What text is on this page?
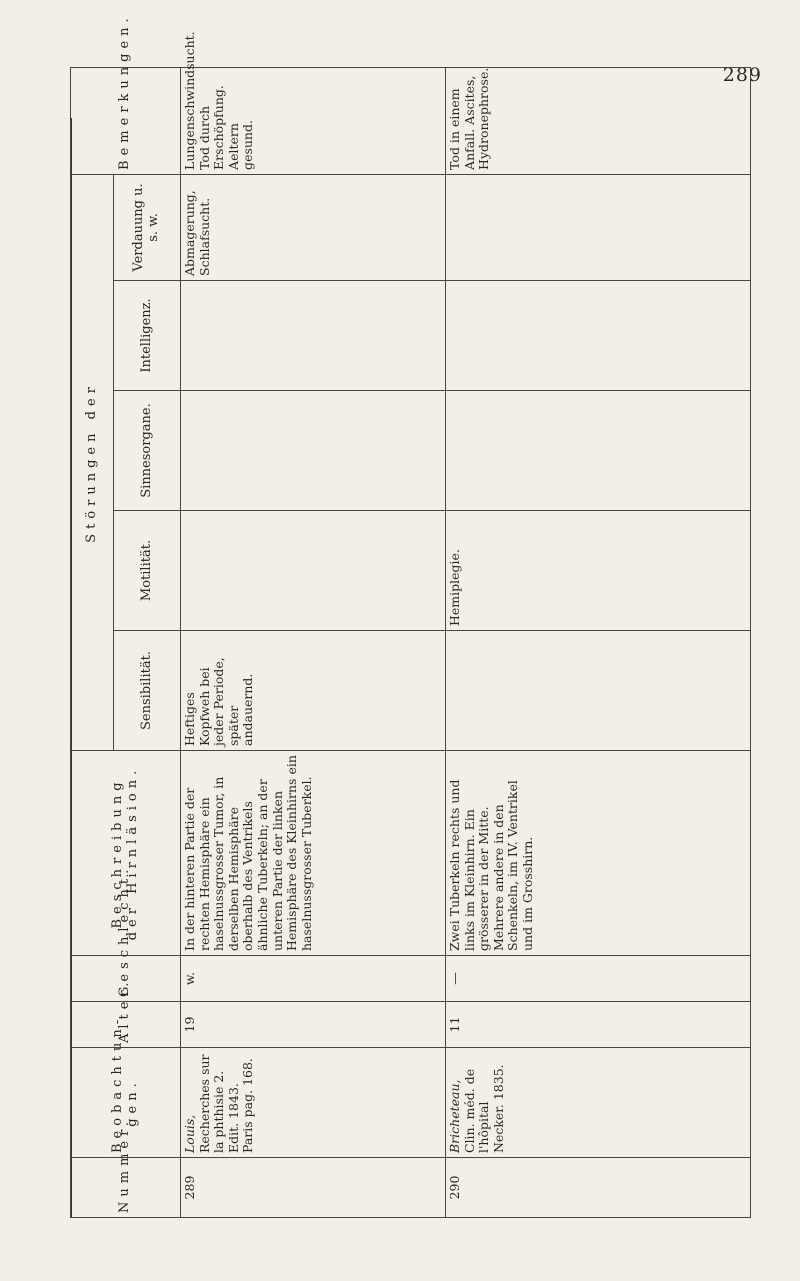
289
Nummer.	Beobachtun- gen.	Alter.	Geschlecht.	Beschreibung der Hirnläsion.	Störungen der					Bemerkungen.
					Sensibilität.	Motilität.	Sinnesorgane.	Intelligenz.	Verdauung u. s. w.	
289	Louis, Recherches sur la phthisie 2. Edit. 1843. Paris pag. 168.	19	w.	In der hinteren Partie der rechten Hemisphäre ein haselnussgrosser Tumor, in derselben Hemisphäre oberhalb des Ventrikels ähnliche Tuberkeln; an der unteren Partie der linken Hemisphäre des Kleinhirns ein haselnussgrosser Tuberkel.	Heftiges Kopfweh bei jeder Periode, später andauernd.				Abmagerung, Schlafsucht.	Lungenschwindsucht. Tod durch Erschöpfung. Aeltern gesund.
290	Bricheteau, Clin. méd. de l'hôpital Necker. 1835.	11	—	Zwei Tuberkeln rechts und links im Kleinhirn. Ein grösserer in der Mitte. Mehrere andere in den Schenkeln, im IV. Ventrikel und im Grosshirn.		Hemiplegie.				Tod in einem Anfall. Ascites, Hydronephrose.
